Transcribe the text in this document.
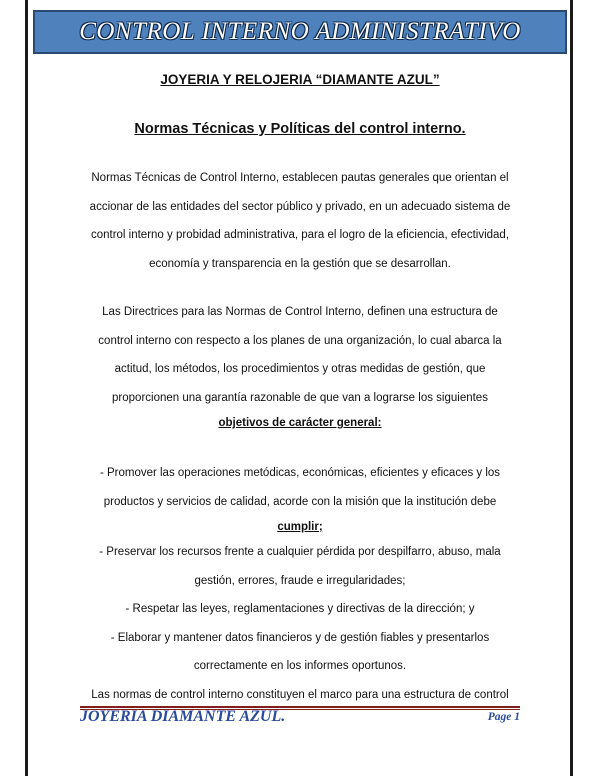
CONTROL INTERNO ADMINISTRATIVO
JOYERIA Y RELOJERIA “DIAMANTE AZUL”
Normas Técnicas y Políticas del control interno.
Normas Técnicas de Control Interno, establecen pautas generales que orientan el
accionar de las entidades del sector público y privado, en un adecuado sistema de
control interno y probidad administrativa, para el logro de la eficiencia, efectividad,
economía y transparencia en la gestión que se desarrollan.
Las Directrices para las Normas de Control Interno, definen una estructura de
control interno con respecto a los planes de una organización, lo cual abarca la
actitud, los métodos, los procedimientos y otras medidas de gestión, que
proporcionen una garantía razonable de que van a lograrse los siguientes
objetivos de carácter general:
- Promover las operaciones metódicas, económicas, eficientes y eficaces y los
productos y servicios de calidad, acorde con la misión que la institución debe
cumplir;
- Preservar los recursos frente a cualquier pérdida por despilfarro, abuso, mala
gestión, errores, fraude e irregularidades;
- Respetar las leyes, reglamentaciones y directivas de la dirección; y
- Elaborar y mantener datos financieros y de gestión fiables y presentarlos
correctamente en los informes oportunos.
Las normas de control interno constituyen el marco para una estructura de control
JOYERIA DIAMANTE AZUL.	Page 1
